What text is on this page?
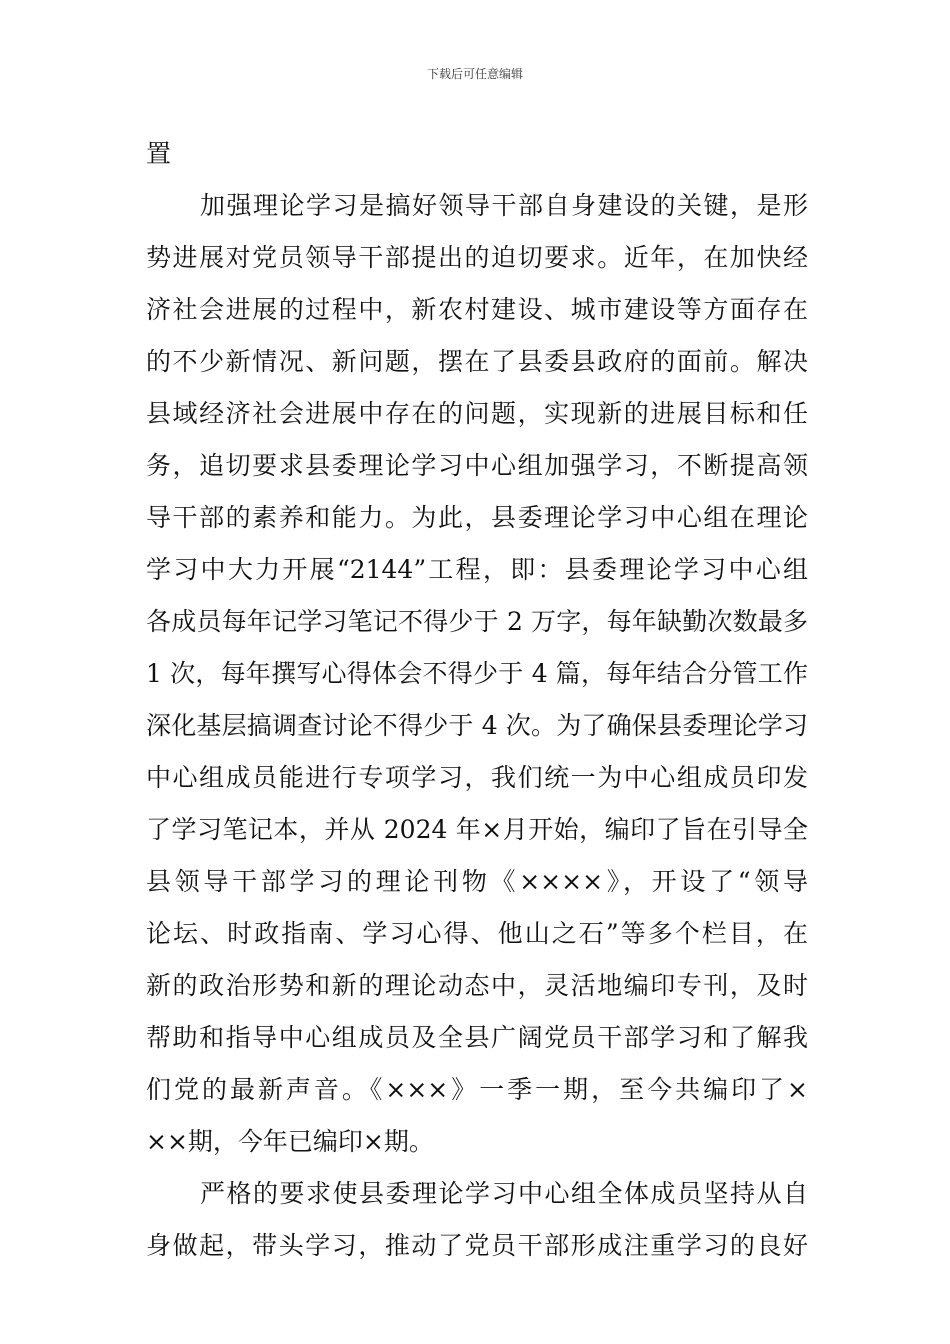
下载后可任意编辑
置
加强理论学习是搞好领导干部自身建设的关键，是形
势进展对党员领导干部提出的迫切要求。近年，在加快经
济社会进展的过程中，新农村建设、城市建设等方面存在
的不少新情况、新问题，摆在了县委县政府的面前。解决
县域经济社会进展中存在的问题，实现新的进展目标和任
务，追切要求县委理论学习中心组加强学习，不断提高领
导干部的素养和能力。为此，县委理论学习中心组在理论
学习中大力开展“2144”工程，即：县委理论学习中心组
各成员每年记学习笔记不得少于 2 万字，每年缺勤次数最多
1 次，每年撰写心得体会不得少于 4 篇，每年结合分管工作
深化基层搞调查讨论不得少于 4 次。为了确保县委理论学习
中心组成员能进行专项学习，我们统一为中心组成员印发
了学习笔记本，并从 2024 年×月开始，编印了旨在引导全
县领导干部学习的理论刊物《××××》，开设了“领导
论坛、时政指南、学习心得、他山之石”等多个栏目，在
新的政治形势和新的理论动态中，灵活地编印专刊，及时
帮助和指导中心组成员及全县广阔党员干部学习和了解我
们党的最新声音。《×××》一季一期，至今共编印了×
××期，今年已编印×期。
严格的要求使县委理论学习中心组全体成员坚持从自
身做起，带头学习，推动了党员干部形成注重学习的良好
